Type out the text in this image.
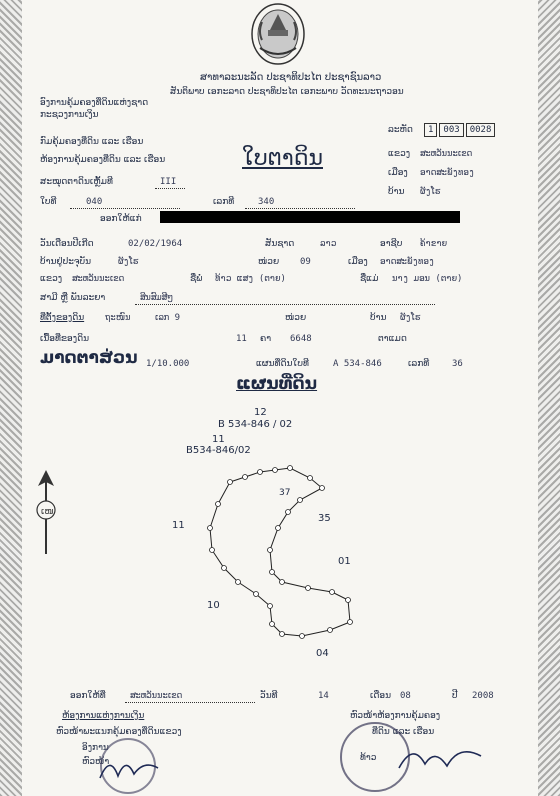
ສາທາລະນະລັດ ປະຊາທິປະໄຕ ປະຊາຊົນລາວ
ສັນຕິພາບ ເອກະລາດ ປະຊາທິປະໄຕ ເອກະພາບ ວັດທະນະຖາວອນ
ອົງການຄຸ້ມຄອງທີ່ດິນແຫ່ງຊາດ
ກະຊວງການເງິນ
ກົມຄຸ້ມຄອງທີ່ດິນ ແລະ ເຮືອນ
ຫ້ອງການຄຸ້ມຄອງທີ່ດິນ ແລະ ເຮືອນ
ສະໝຸດຕາດິນເຫຼັ້ມທີ	III
ໃບທີ	040	ເລກທີ	340
ໃບຕາດິນ
ລະຫັດ	1 003 0028
ແຂວງ ສະຫວັນນະເຂດ
ເມືອງ ອາດສະພັງທອງ
ບ້ານ ຜັງໂຮ
ອອກໃຫ້ແກ່
ວັນເດືອນປີເກີດ	02/02/1964	ສັນຊາດ	ລາວ	ອາຊີບ ຄ້າຂາຍ
ບ້ານຢູ່ປະຈຸບັນ	ຜັງໂຮ	ໜ່ວຍ 09	ເມືອງ ອາດສະພັງທອງ
ແຂວງ ສະຫວັນນະເຂດ	ຊື່ພໍ່ ທ້າວ ແສງ (ຕາຍ)	ຊື່ແມ່ ນາງ ມອນ (ຕາຍ)
ສາມີ ຫຼື ພັນລະຍາ	ສິນສົມສີໆ
ທີ່ຕັ້ງຂອງດິນ ຖະໜົນ	ເລກ 9	ໜ່ວຍ	ບ້ານ ຜັງໂຮ
ເນື້ອທີ່ຂອງດິນ	11 ຄາ 6648	ຕາແມດ
ມາດຕາສ່ວນ 1/10.000	ແຜນທີ່ດິນໃບທີ	A 534-846	ເລກທີ	36
ແຜນທີ່ດິນ
12
B 534-846 / 02
11
B534-846/02
11
35
01
10
04
37
ເໜ
ອອກໃຫ້ທີ່	ສະຫວັນນະເຂດ	ວັນທີ	14	ເດືອນ 08	ປີ 2008
ຫ້ອງການແຫ່ງການເງິນ
ຫົວໜ້າພະແນກຄຸ້ມຄອງທີ່ດິນແຂວງ
ອິງການ
ຫົວໜ້າ
ຫົວໜ້າຫ້ອງການຄຸ້ມຄອງ
ທີ່ດິນ ແລະ ເຮືອນ
ທ້າວ
